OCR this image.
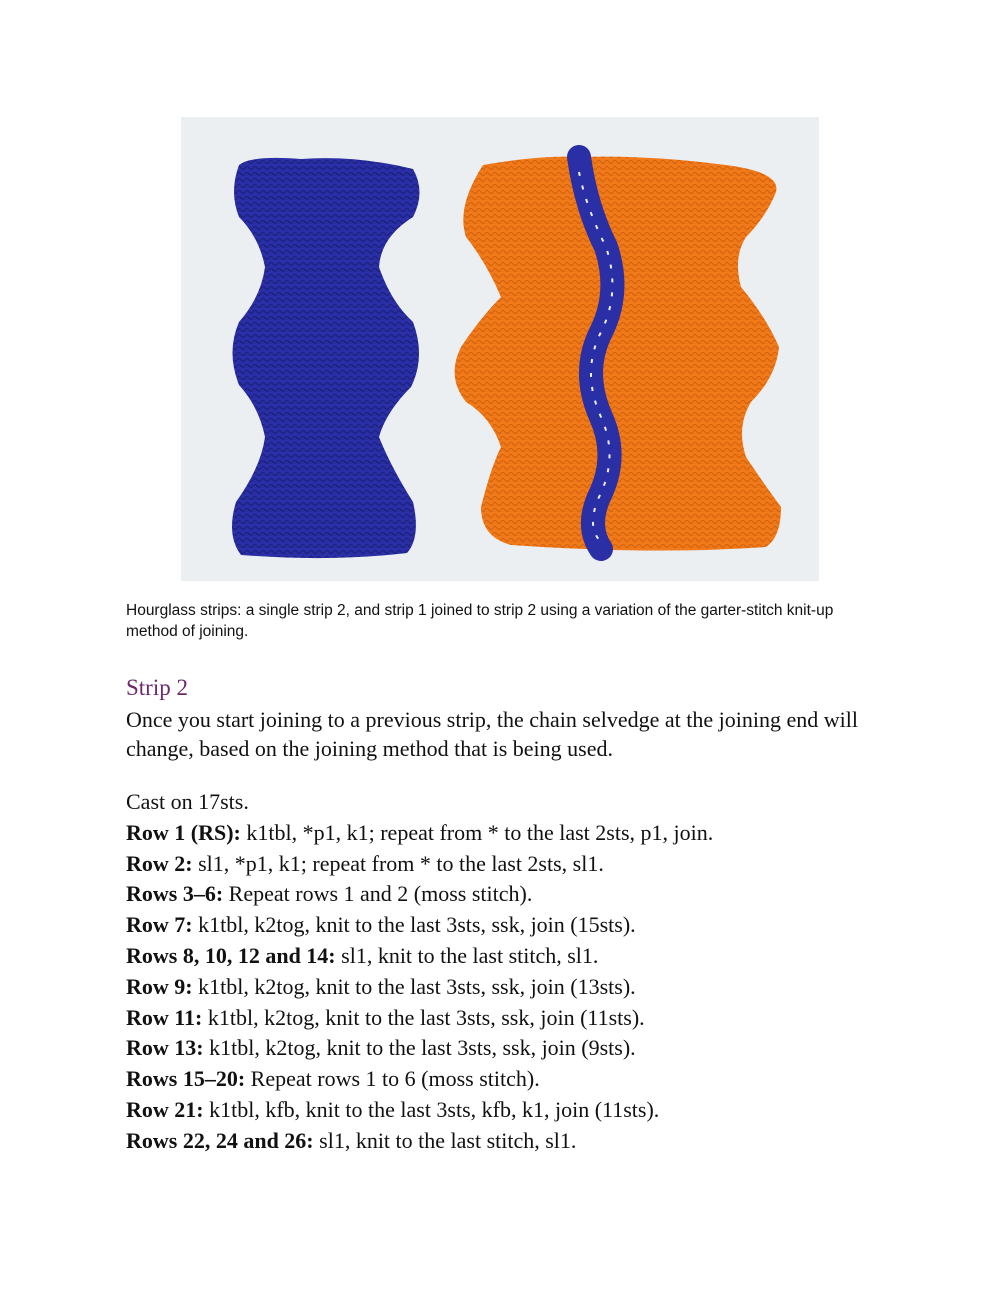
Hourglass strips: a single strip 2, and strip 1 joined to strip 2 using a variation of the garter-stitch knit-up method of joining.
Strip 2
Once you start joining to a previous strip, the chain selvedge at the joining end will change, based on the joining method that is being used.
Cast on 17sts.
Row 1 (RS): k1tbl, *p1, k1; repeat from * to the last 2sts, p1, join.
Row 2: sl1, *p1, k1; repeat from * to the last 2sts, sl1.
Rows 3–6: Repeat rows 1 and 2 (moss stitch).
Row 7: k1tbl, k2tog, knit to the last 3sts, ssk, join (15sts).
Rows 8, 10, 12 and 14: sl1, knit to the last stitch, sl1.
Row 9: k1tbl, k2tog, knit to the last 3sts, ssk, join (13sts).
Row 11: k1tbl, k2tog, knit to the last 3sts, ssk, join (11sts).
Row 13: k1tbl, k2tog, knit to the last 3sts, ssk, join (9sts).
Rows 15–20: Repeat rows 1 to 6 (moss stitch).
Row 21: k1tbl, kfb, knit to the last 3sts, kfb, k1, join (11sts).
Rows 22, 24 and 26: sl1, knit to the last stitch, sl1.
